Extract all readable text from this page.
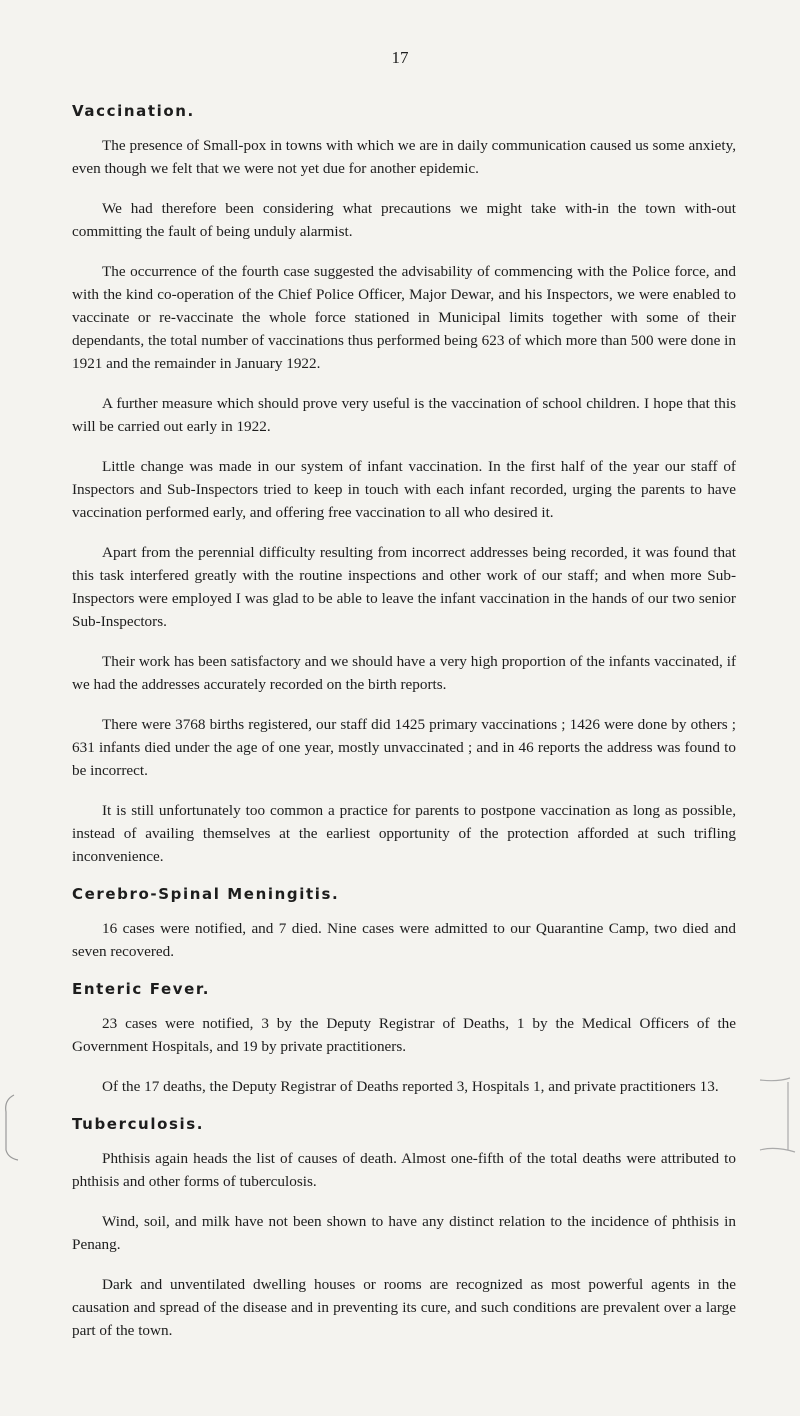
17
Vaccination.

The presence of Small-pox in towns with which we are in daily communication caused us some anxiety, even though we felt that we were not yet due for another epidemic.

We had therefore been considering what precautions we might take with-in the town with-out committing the fault of being unduly alarmist.

The occurrence of the fourth case suggested the advisability of commencing with the Police force, and with the kind co-operation of the Chief Police Officer, Major Dewar, and his Inspectors, we were enabled to vaccinate or re-vaccinate the whole force stationed in Municipal limits together with some of their dependants, the total number of vaccinations thus performed being 623 of which more than 500 were done in 1921 and the remainder in January 1922.

A further measure which should prove very useful is the vaccination of school children. I hope that this will be carried out early in 1922.

Little change was made in our system of infant vaccination. In the first half of the year our staff of Inspectors and Sub-Inspectors tried to keep in touch with each infant recorded, urging the parents to have vaccination performed early, and offering free vaccination to all who desired it.

Apart from the perennial difficulty resulting from incorrect addresses being recorded, it was found that this task interfered greatly with the routine inspections and other work of our staff; and when more Sub-Inspectors were employed I was glad to be able to leave the infant vaccination in the hands of our two senior Sub-Inspectors.

Their work has been satisfactory and we should have a very high proportion of the infants vaccinated, if we had the addresses accurately recorded on the birth reports.

There were 3768 births registered, our staff did 1425 primary vaccinations ; 1426 were done by others ; 631 infants died under the age of one year, mostly unvaccinated ; and in 46 reports the address was found to be incorrect.

It is still unfortunately too common a practice for parents to postpone vaccination as long as possible, instead of availing themselves at the earliest opportunity of the protection afforded at such trifling inconvenience.

Cerebro-Spinal Meningitis.

16 cases were notified, and 7 died. Nine cases were admitted to our Quarantine Camp, two died and seven recovered.

Enteric Fever.

23 cases were notified, 3 by the Deputy Registrar of Deaths, 1 by the Medical Officers of the Government Hospitals, and 19 by private practitioners.

Of the 17 deaths, the Deputy Registrar of Deaths reported 3, Hospitals 1, and private practitioners 13.

Tuberculosis.

Phthisis again heads the list of causes of death. Almost one-fifth of the total deaths were attributed to phthisis and other forms of tuberculosis.

Wind, soil, and milk have not been shown to have any distinct relation to the incidence of phthisis in Penang.

Dark and unventilated dwelling houses or rooms are recognized as most powerful agents in the causation and spread of the disease and in preventing its cure, and such conditions are prevalent over a large part of the town.
